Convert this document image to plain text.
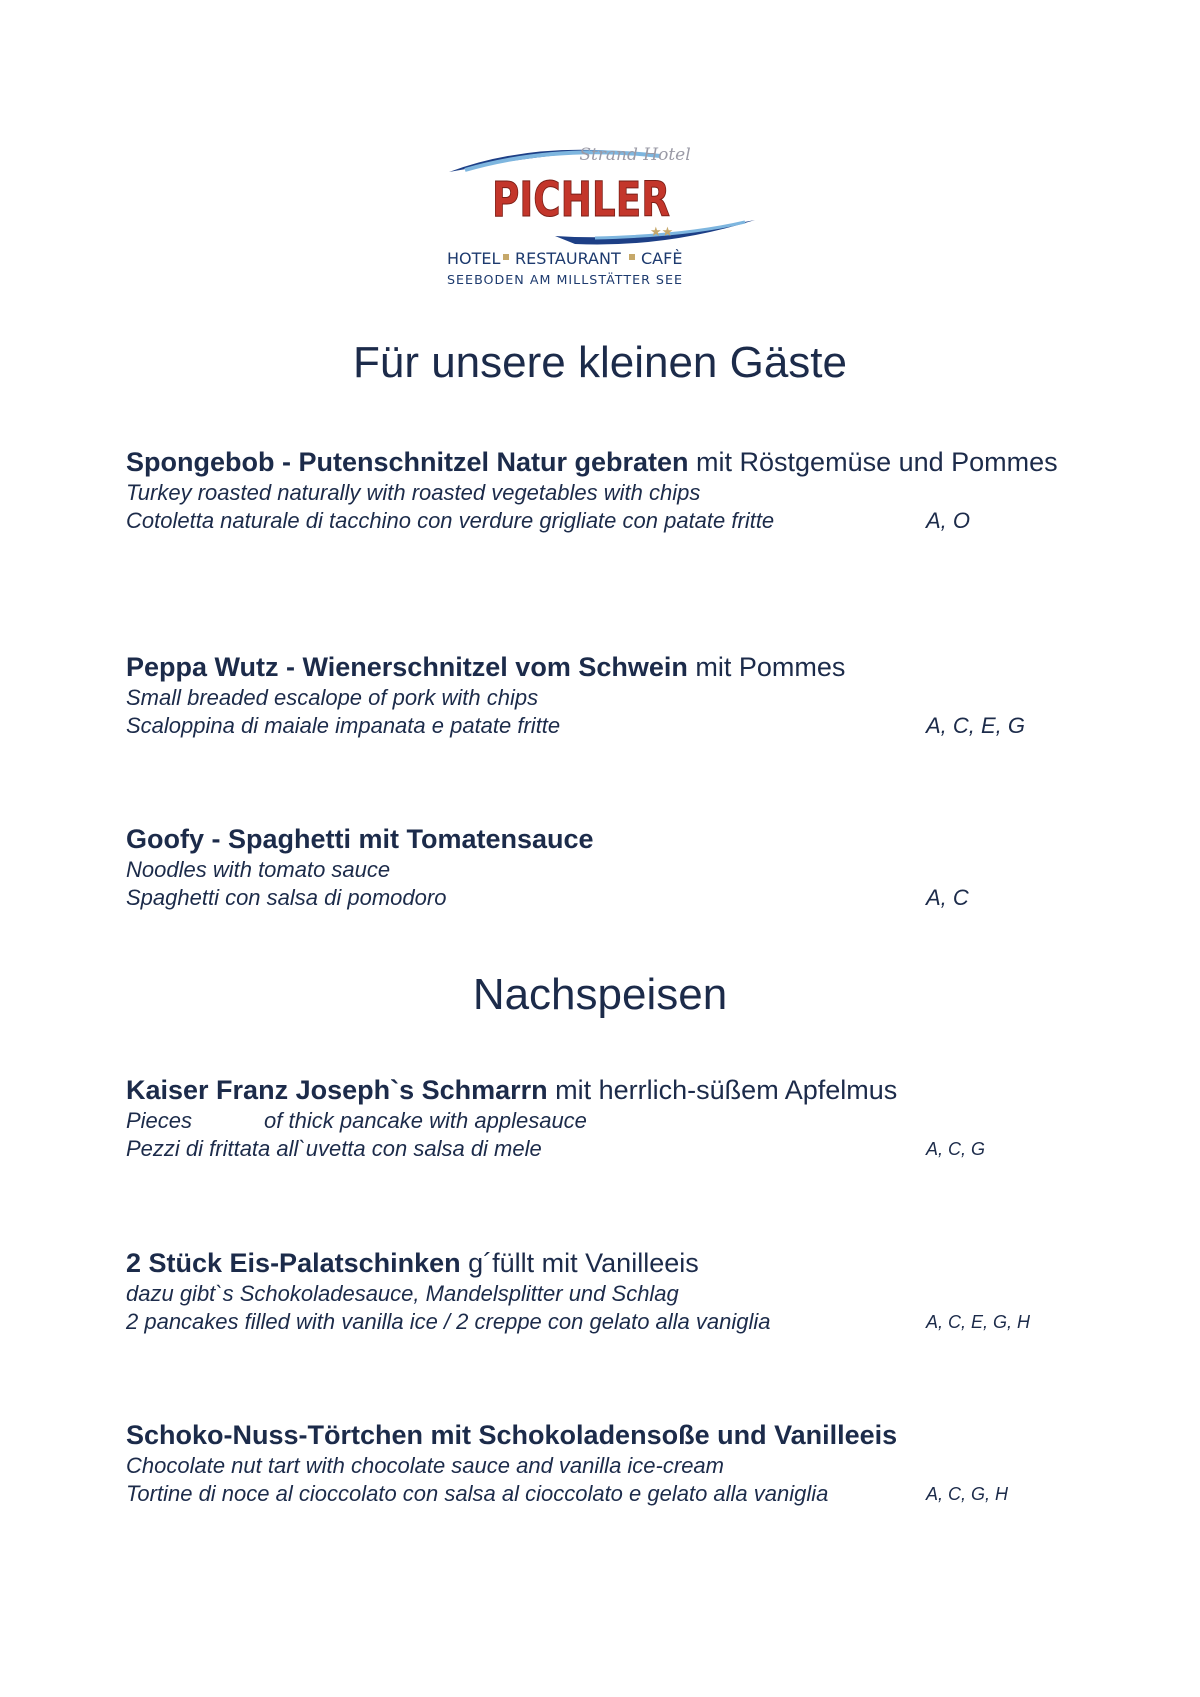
Strand Hotel
PICHLER
★★
HOTEL RESTAURANT CAFÈ
SEEBODEN AM MILLSTÄTTER SEE
Für unsere kleinen Gäste
Spongebob - Putenschnitzel Natur gebraten mit Röstgemüse und Pommes
Turkey roasted naturally with roasted vegetables with chips
Cotoletta naturale di tacchino con verdure grigliate con patate fritte	A, O
Peppa Wutz - Wienerschnitzel vom Schwein mit Pommes
Small breaded escalope of pork with chips
Scaloppina di maiale impanata e patate fritte	A, C, E, G
Goofy - Spaghetti mit Tomatensauce
Noodles with tomato sauce
Spaghetti con salsa di pomodoro	A, C
Nachspeisen
Kaiser Franz Joseph`s Schmarrn mit herrlich-süßem Apfelmus
Pieces	of thick pancake with applesauce
Pezzi di frittata all`uvetta con salsa di mele	A, C, G
2 Stück Eis-Palatschinken g´füllt mit Vanilleeis
dazu gibt`s Schokoladesauce, Mandelsplitter und Schlag
2 pancakes filled with vanilla ice / 2 creppe con gelato alla vaniglia	A, C, E, G, H
Schoko-Nuss-Törtchen mit Schokoladensoße und Vanilleeis
Chocolate nut tart with chocolate sauce and vanilla ice-cream
Tortine di noce al cioccolato con salsa al cioccolato e gelato alla vaniglia	A, C, G, H
